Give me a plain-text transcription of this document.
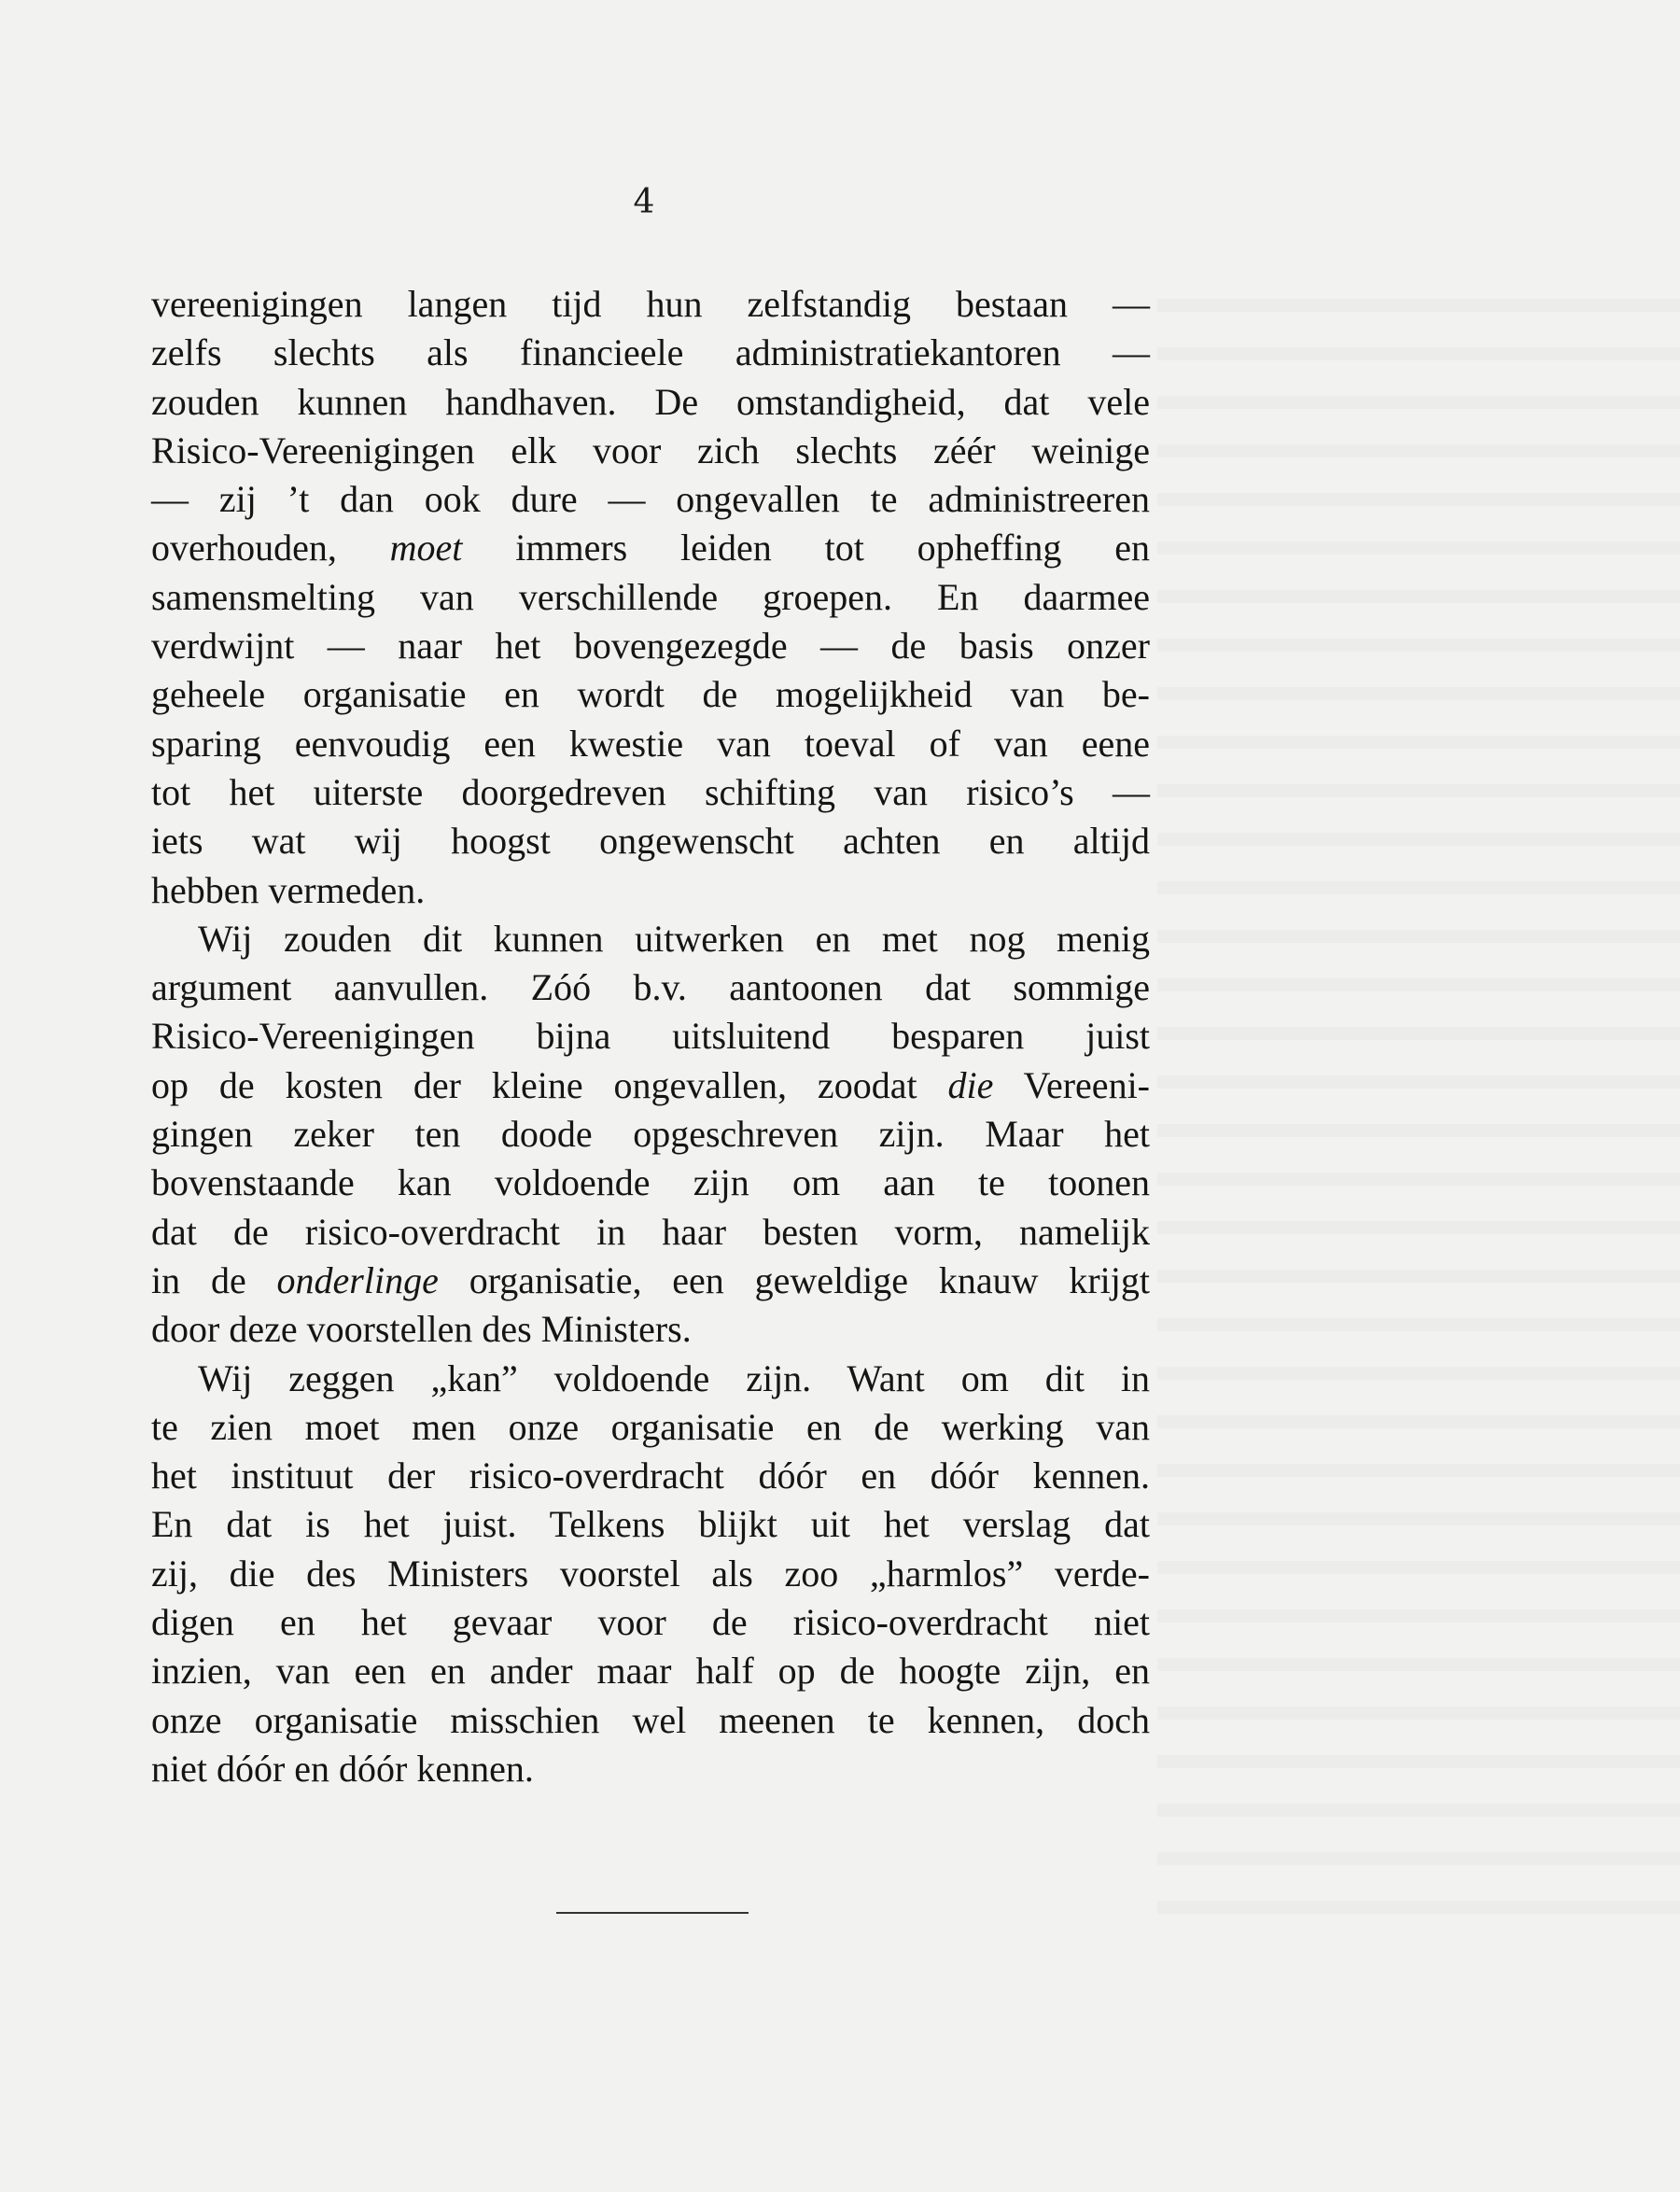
4
vereenigingen langen tijd hun zelfstandig bestaan —
zelfs slechts als financieele administratiekantoren —
zouden kunnen handhaven. De omstandigheid, dat vele
Risico-Vereenigingen elk voor zich slechts zéér weinige
— zij ’t dan ook dure — ongevallen te administreeren
overhouden, moet immers leiden tot opheffing en
samensmelting van verschillende groepen. En daarmee
verdwijnt — naar het bovengezegde — de basis onzer
geheele organisatie en wordt de mogelijkheid van be-
sparing eenvoudig een kwestie van toeval of van eene
tot het uiterste doorgedreven schifting van risico’s —
iets wat wij hoogst ongewenscht achten en altijd
hebben vermeden.
Wij zouden dit kunnen uitwerken en met nog menig
argument aanvullen. Zóó b.v. aantoonen dat sommige
Risico-Vereenigingen bijna uitsluitend besparen juist
op de kosten der kleine ongevallen, zoodat die Vereeni-
gingen zeker ten doode opgeschreven zijn. Maar het
bovenstaande kan voldoende zijn om aan te toonen
dat de risico-overdracht in haar besten vorm, namelijk
in de onderlinge organisatie, een geweldige knauw krijgt
door deze voorstellen des Ministers.
Wij zeggen „kan” voldoende zijn. Want om dit in
te zien moet men onze organisatie en de werking van
het instituut der risico-overdracht dóór en dóór kennen.
En dat is het juist. Telkens blijkt uit het verslag dat
zij, die des Ministers voorstel als zoo „harmlos” verde-
digen en het gevaar voor de risico-overdracht niet
inzien, van een en ander maar half op de hoogte zijn, en
onze organisatie misschien wel meenen te kennen, doch
niet dóór en dóór kennen.
